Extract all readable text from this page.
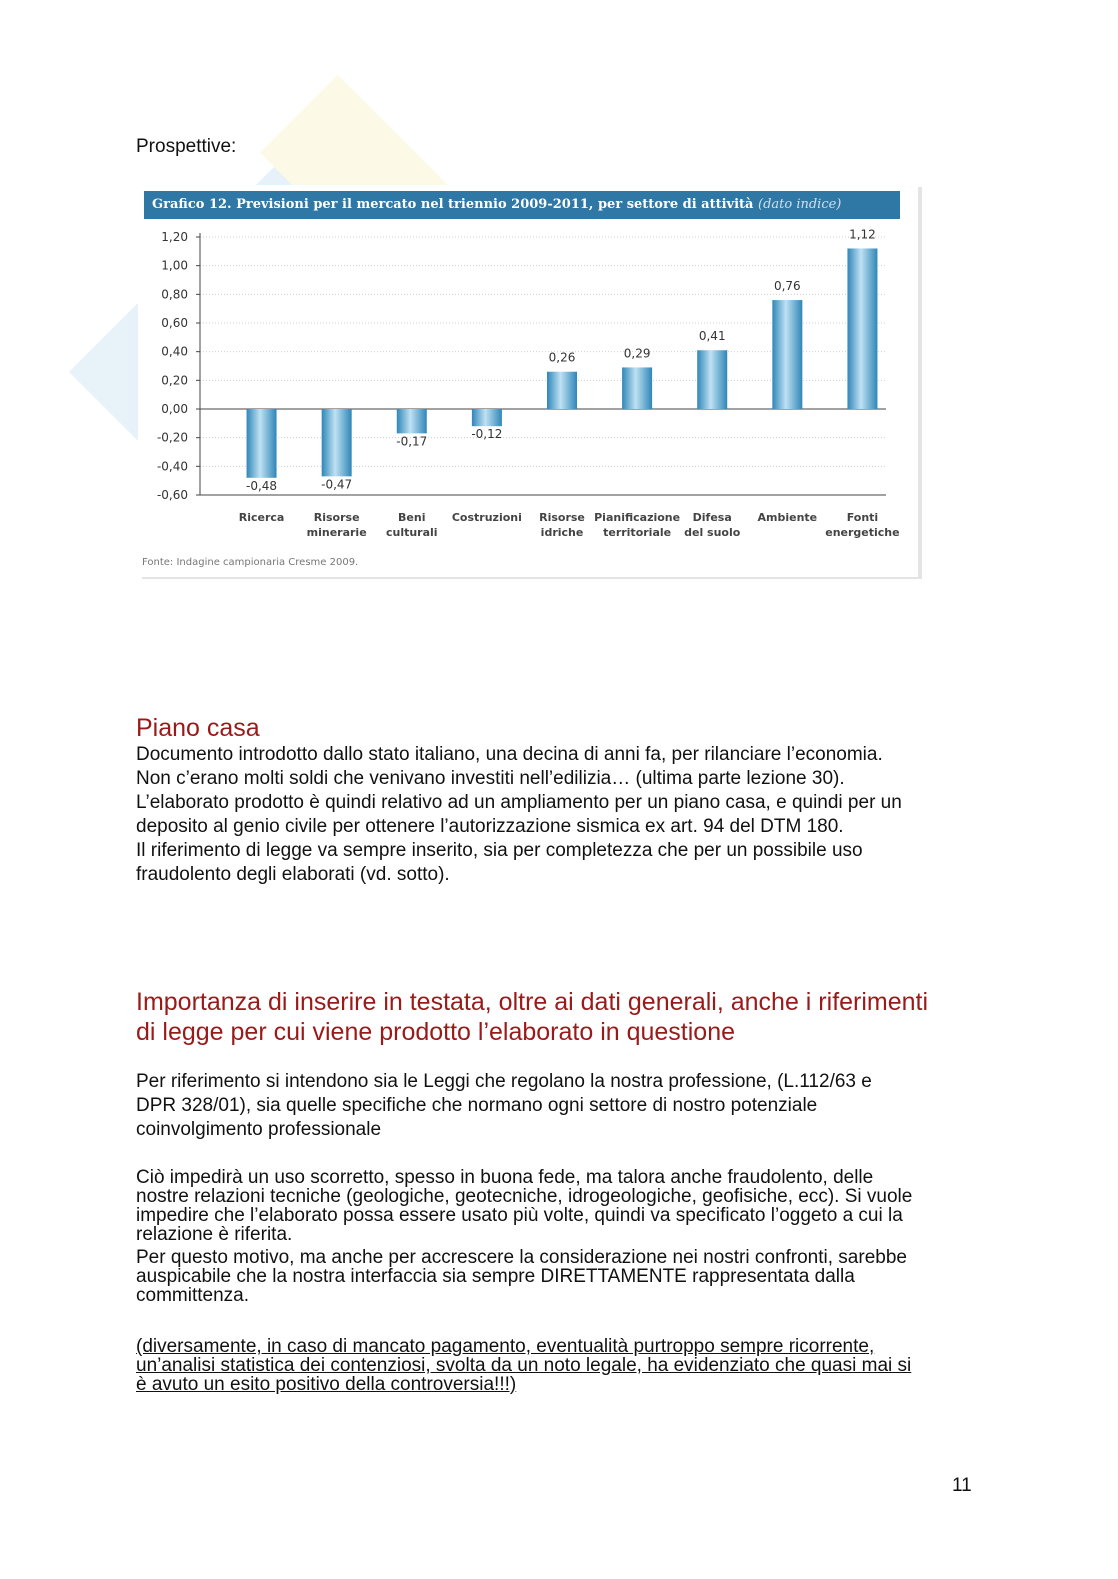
Prospettive:

Grafico 12. Previsioni per il mercato nel triennio 2009-2011, per settore di attività (dato indice)
1,20
1,00
0,80
0,60
0,40
0,20
0,00
-0,20
-0,40
-0,60
-0,48
Ricerca
-0,47
Risorse
minerarie
-0,17
Beni
culturali
-0,12
Costruzioni
0,26
Risorse
idriche
0,29
Pianificazione
territoriale
0,41
Difesa
del suolo
0,76
Ambiente
1,12
Fonti
energetiche
Fonte: Indagine campionaria Cresme 2009.
Piano casa
Documento introdotto dallo stato italiano, una decina di anni fa, per rilanciare l’economia.
Non c’erano molti soldi che venivano investiti nell’edilizia… (ultima parte lezione 30).
L’elaborato prodotto è quindi relativo ad un ampliamento per un piano casa, e quindi per un
deposito al genio civile per ottenere l’autorizzazione sismica ex art. 94 del DTM 180.
Il riferimento di legge va sempre inserito, sia per completezza che per un possibile uso
fraudolento degli elaborati (vd. sotto).
Importanza di inserire in testata, oltre ai dati generali, anche i riferimenti
di legge per cui viene prodotto l’elaborato in questione
Per riferimento si intendono sia le Leggi che regolano la nostra professione, (L.112/63 e
DPR 328/01), sia quelle specifiche che normano ogni settore di nostro potenziale
coinvolgimento professionale
Ciò impedirà un uso scorretto, spesso in buona fede, ma talora anche fraudolento, delle
nostre relazioni tecniche (geologiche, geotecniche, idrogeologiche, geofisiche, ecc). Si vuole
impedire che l’elaborato possa essere usato più volte, quindi va specificato l’oggeto a cui la
relazione è riferita.
Per questo motivo, ma anche per accrescere la considerazione nei nostri confronti, sarebbe
auspicabile che la nostra interfaccia sia sempre DIRETTAMENTE rappresentata dalla
committenza.
(diversamente, in caso di mancato pagamento, eventualità purtroppo sempre ricorrente,
un’analisi statistica dei contenziosi, svolta da un noto legale, ha evidenziato che quasi mai si
è avuto un esito positivo della controversia!!!)
11
